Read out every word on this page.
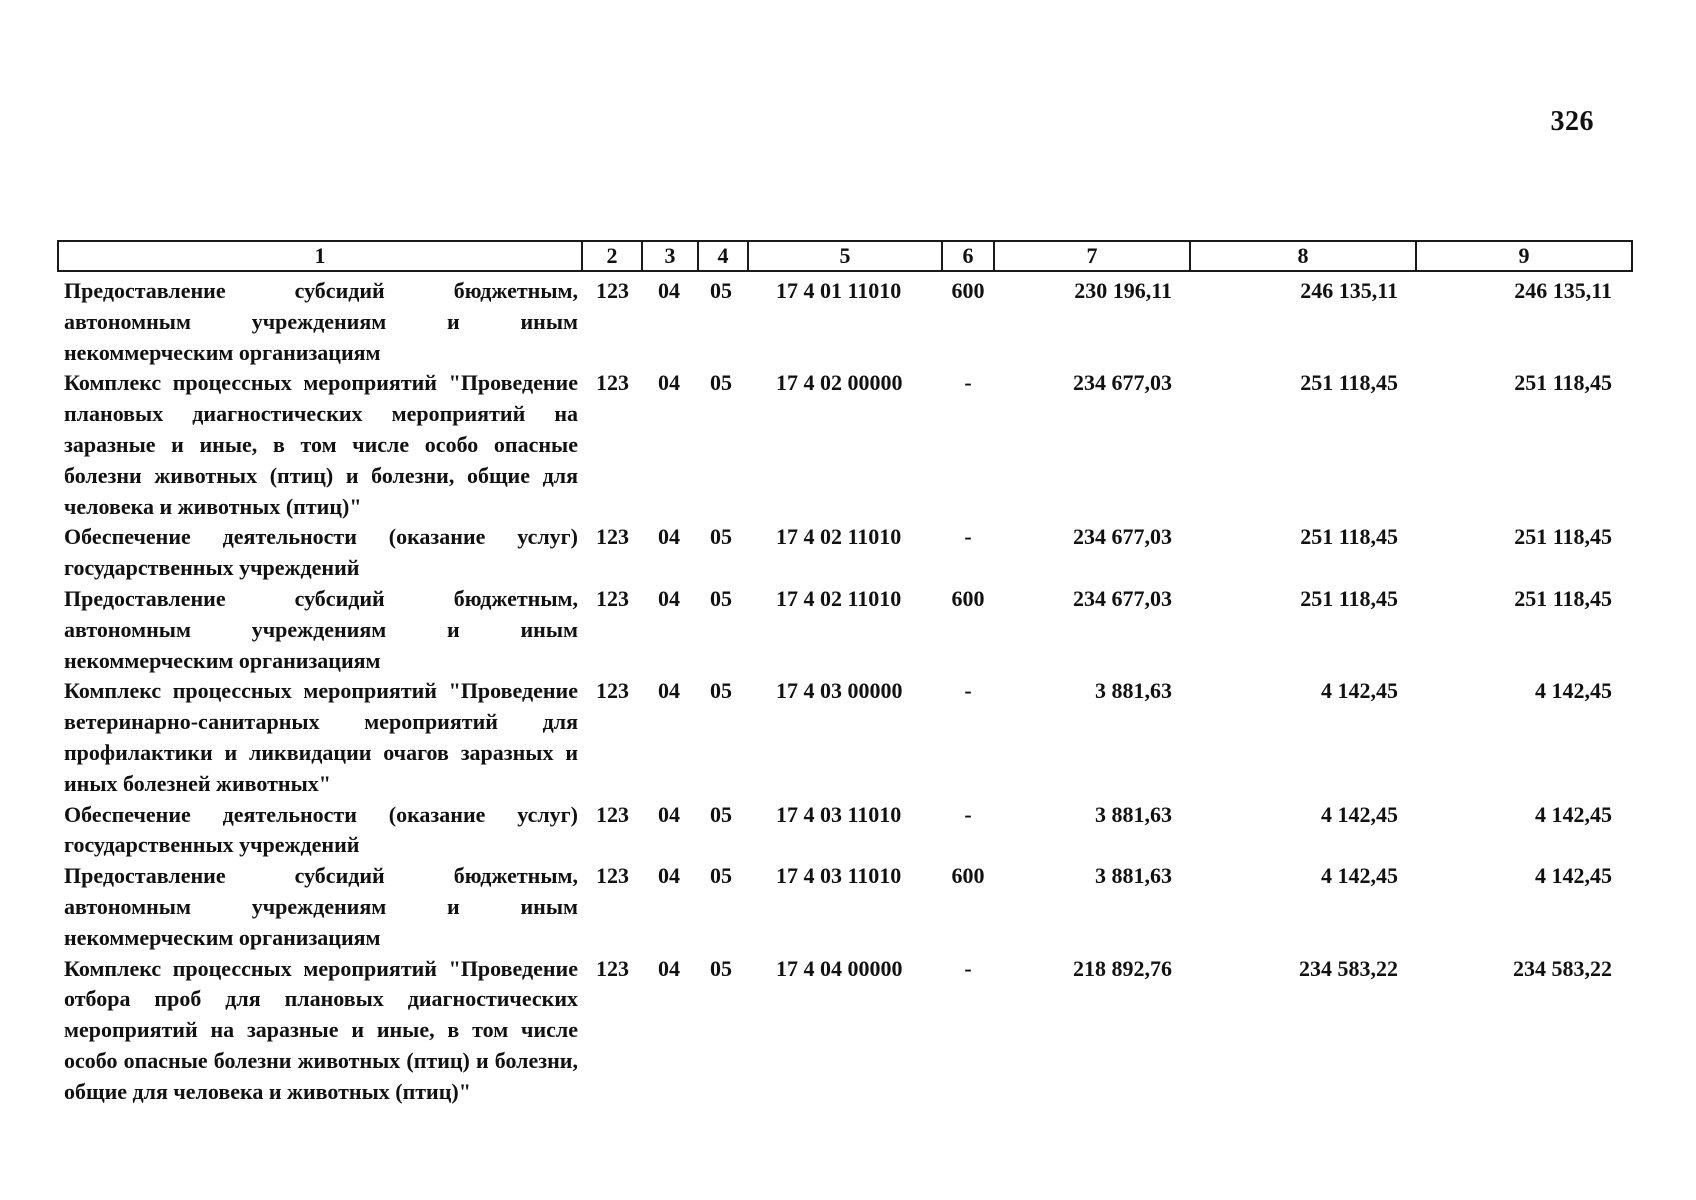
326
1	2	3	4	5	6	7	8	9
Предоставление субсидий бюджетным, автономным учреждениям и иным некоммерческим организациям	123	04	05	17 4 01 11010	600	230 196,11	246 135,11	246 135,11
Комплекс процессных мероприятий "Проведение плановых диагностических мероприятий на заразные и иные, в том числе особо опасные болезни животных (птиц) и болезни, общие для человека и животных (птиц)"	123	04	05	17 4 02 00000	-	234 677,03	251 118,45	251 118,45
Обеспечение деятельности (оказание услуг) государственных учреждений	123	04	05	17 4 02 11010	-	234 677,03	251 118,45	251 118,45
Предоставление субсидий бюджетным, автономным учреждениям и иным некоммерческим организациям	123	04	05	17 4 02 11010	600	234 677,03	251 118,45	251 118,45
Комплекс процессных мероприятий "Проведение ветеринарно-санитарных мероприятий для профилактики и ликвидации очагов заразных и иных болезней животных"	123	04	05	17 4 03 00000	-	3 881,63	4 142,45	4 142,45
Обеспечение деятельности (оказание услуг) государственных учреждений	123	04	05	17 4 03 11010	-	3 881,63	4 142,45	4 142,45
Предоставление субсидий бюджетным, автономным учреждениям и иным некоммерческим организациям	123	04	05	17 4 03 11010	600	3 881,63	4 142,45	4 142,45
Комплекс процессных мероприятий "Проведение отбора проб для плановых диагностических мероприятий на заразные и иные, в том числе особо опасные болезни животных (птиц) и болезни, общие для человека и животных (птиц)"	123	04	05	17 4 04 00000	-	218 892,76	234 583,22	234 583,22
